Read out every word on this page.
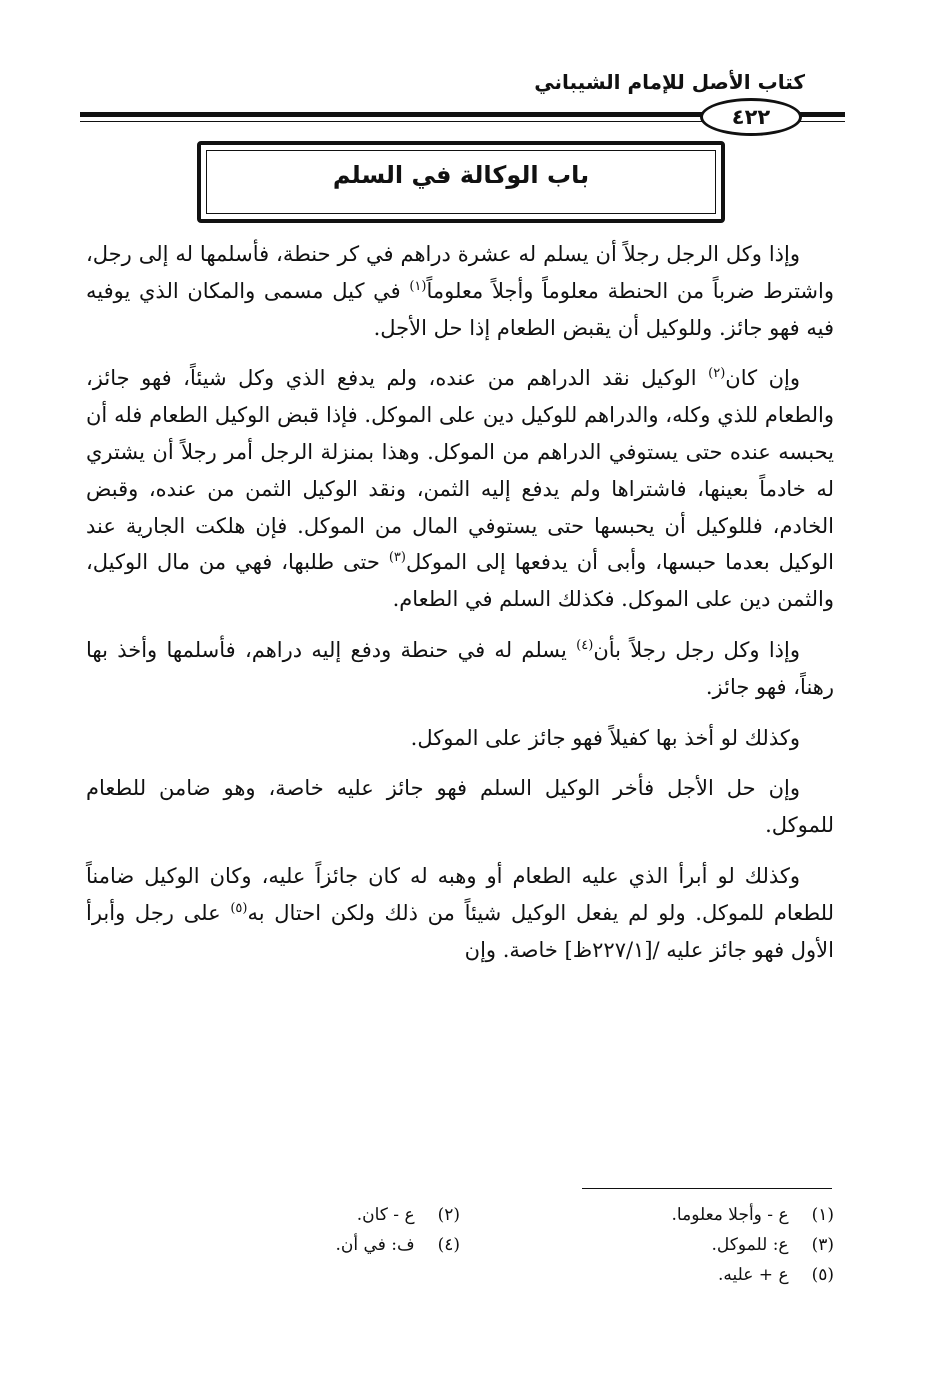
كتاب الأصل للإمام الشيباني
٤٢٢
باب الوكالة في السلم

وإذا وكل الرجل رجلاً أن يسلم له عشرة دراهم في كر حنطة، فأسلمها له إلى رجل، واشترط ضرباً من الحنطة معلوماً وأجلاً معلوماً$^{(١)}$ في كيل مسمى والمكان الذي يوفيه فيه فهو جائز. وللوكيل أن يقبض الطعام إذا حل الأجل.

وإن كان$^{(٢)}$ الوكيل نقد الدراهم من عنده، ولم يدفع الذي وكل شيئاً، فهو جائز، والطعام للذي وكله، والدراهم للوكيل دين على الموكل. فإذا قبض الوكيل الطعام فله أن يحبسه عنده حتى يستوفي الدراهم من الموكل. وهذا بمنزلة الرجل أمر رجلاً أن يشتري له خادماً بعينها، فاشتراها ولم يدفع إليه الثمن، ونقد الوكيل الثمن من عنده، وقبض الخادم، فللوكيل أن يحبسها حتى يستوفي المال من الموكل. فإن هلكت الجارية عند الوكيل بعدما حبسها، وأبى أن يدفعها إلى الموكل$^{(٣)}$ حتى طلبها، فهي من مال الوكيل، والثمن دين على الموكل. فكذلك السلم في الطعام.

وإذا وكل رجل رجلاً بأن$^{(٤)}$ يسلم له في حنطة ودفع إليه دراهم، فأسلمها وأخذ بها رهناً، فهو جائز.

وكذلك لو أخذ بها كفيلاً فهو جائز على الموكل.

وإن حل الأجل فأخر الوكيل السلم فهو جائز عليه خاصة، وهو ضامن للطعام للموكل.

وكذلك لو أبرأ الذي عليه الطعام أو وهبه له كان جائزاً عليه، وكان الوكيل ضامناً للطعام للموكل. ولو لم يفعل الوكيل شيئاً من ذلك ولكن احتال به$^{(٥)}$ على رجل وأبرأ الأول فهو جائز عليه /[٢٢٧/١ظ] خاصة. وإن

(١) ع - وأجلا معلوما.
(٢) ع - كان.
(٣) ع: للموكل.
(٤) ف: في أن.
(٥) ع + عليه.
